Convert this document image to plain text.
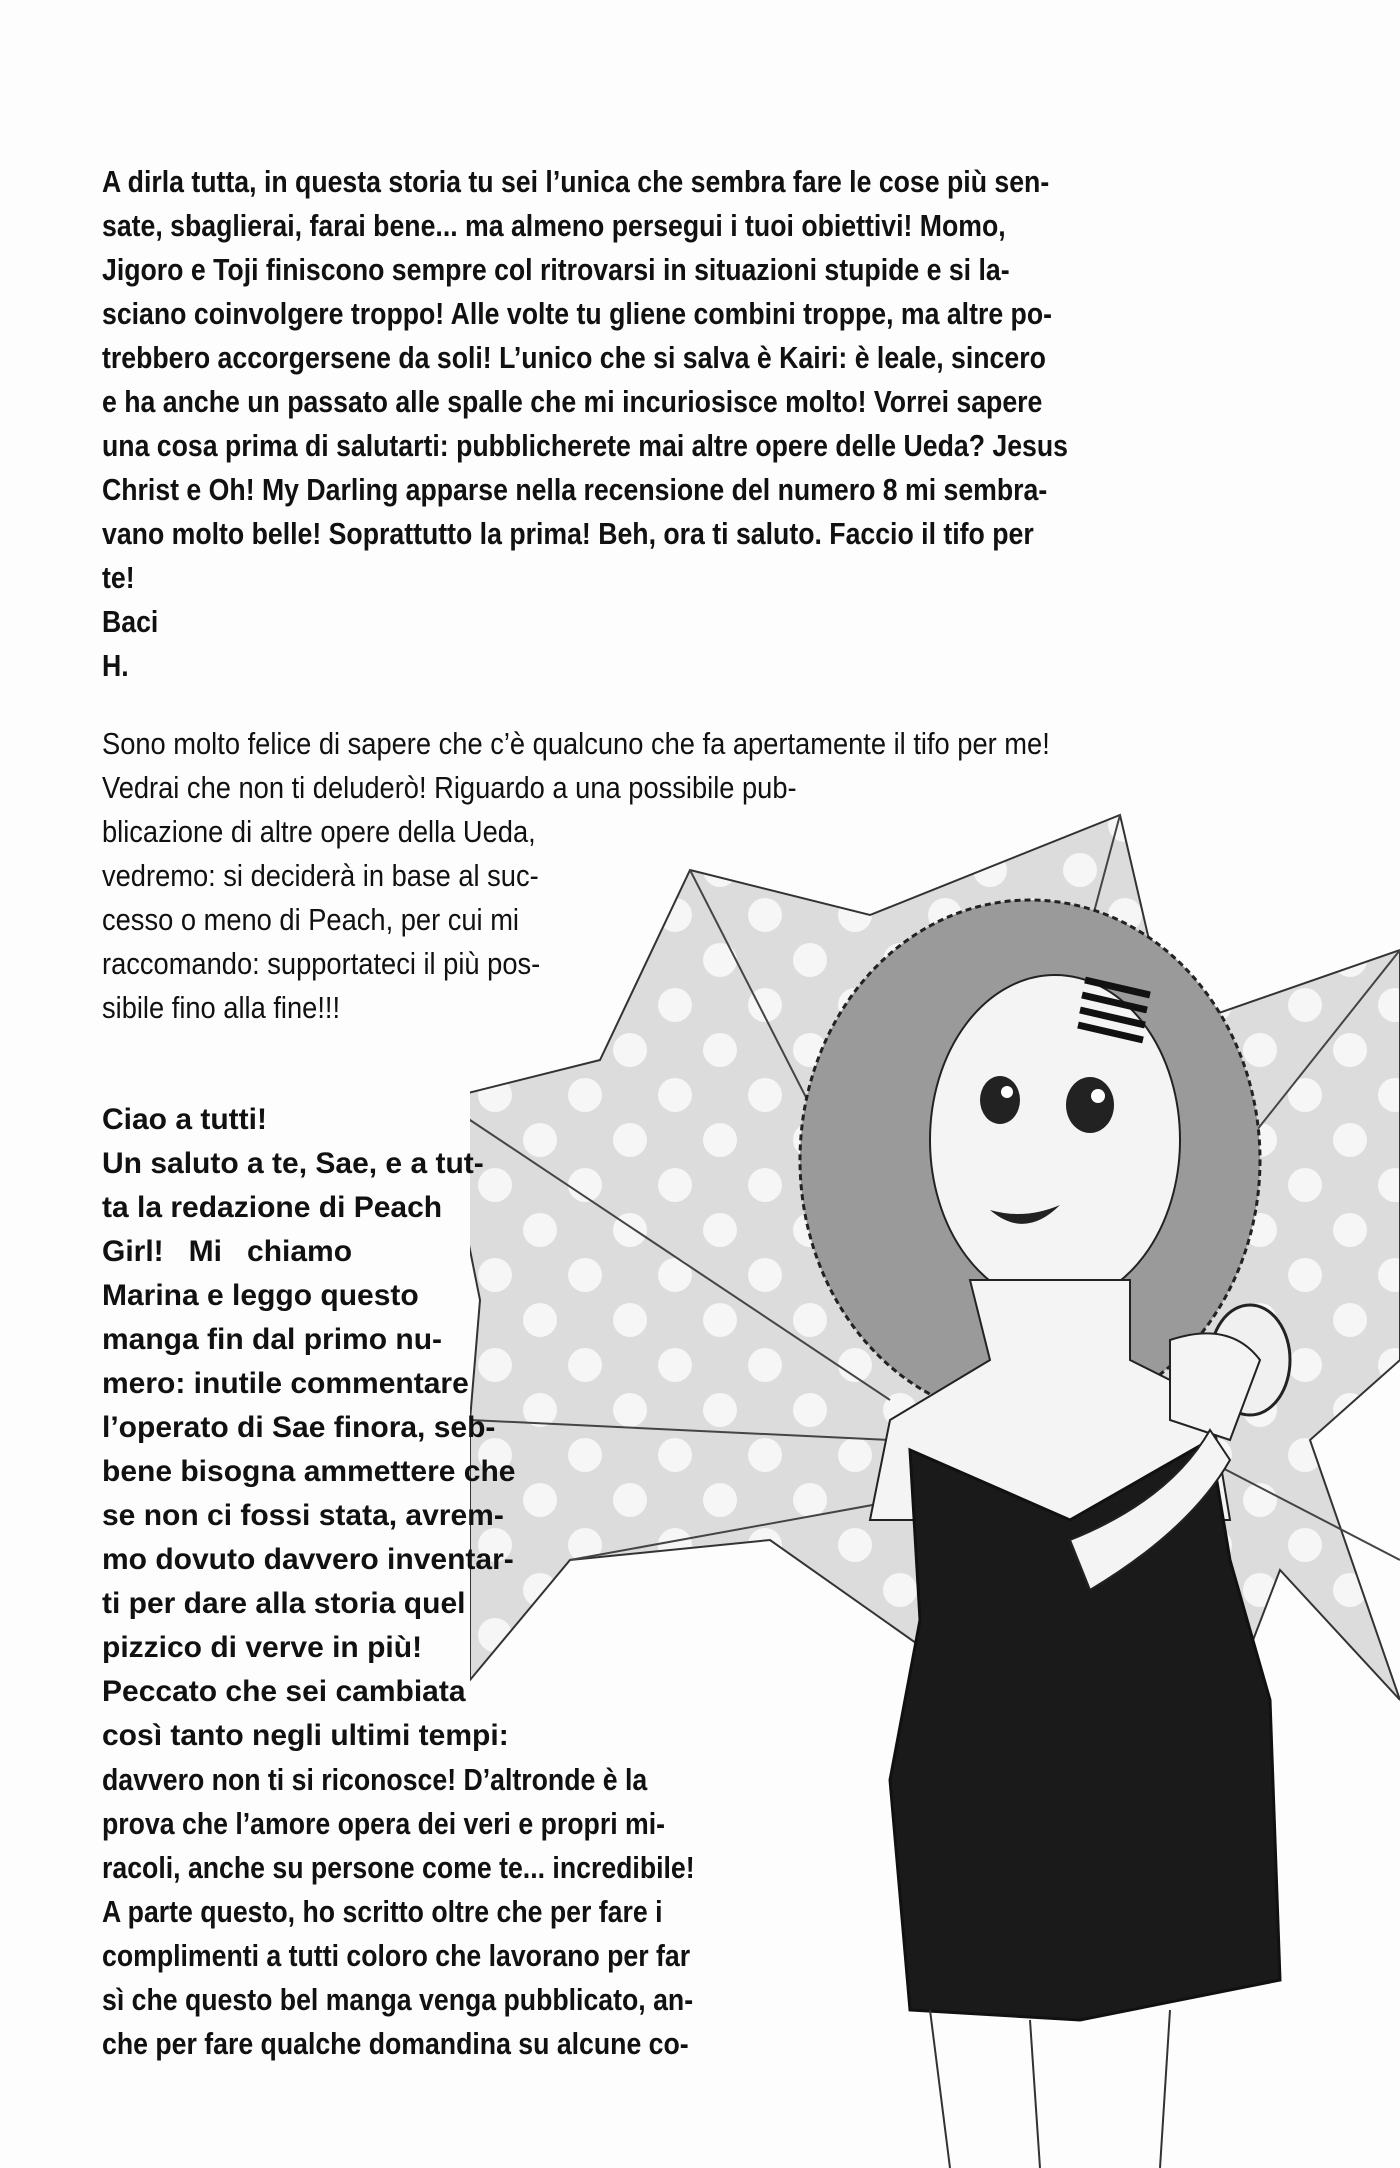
A dirla tutta, in questa storia tu sei l’unica che sembra fare le cose più sen-
sate, sbaglierai, farai bene... ma almeno persegui i tuoi obiettivi! Momo,
Jigoro e Toji finiscono sempre col ritrovarsi in situazioni stupide e si la-
sciano coinvolgere troppo! Alle volte tu gliene combini troppe, ma altre po-
trebbero accorgersene da soli! L’unico che si salva è Kairi: è leale, sincero
e ha anche un passato alle spalle che mi incuriosisce molto! Vorrei sapere
una cosa prima di salutarti: pubblicherete mai altre opere delle Ueda? Jesus
Christ e Oh! My Darling apparse nella recensione del numero 8 mi sembra-
vano molto belle! Soprattutto la prima! Beh, ora ti saluto. Faccio il tifo per
te!
Baci
H.
Sono molto felice di sapere che c’è qualcuno che fa apertamente il tifo per me!
Vedrai che non ti deluderò! Riguardo a una possibile pub-
blicazione di altre opere della Ueda,
vedremo: si deciderà in base al suc-
cesso o meno di Peach, per cui mi
raccomando: supportateci il più pos-
sibile fino alla fine!!!
Ciao a tutti!
Un saluto a te, Sae, e a tut-
ta la redazione di Peach
Girl!   Mi   chiamo
Marina e leggo questo
manga fin dal primo nu-
mero: inutile commentare
l’operato di Sae finora, seb-
bene bisogna ammettere che
se non ci fossi stata, avrem-
mo dovuto davvero inventar-
ti per dare alla storia quel
pizzico di verve in più!
Peccato che sei cambiata
così tanto negli ultimi tempi:
davvero non ti si riconosce! D’altronde è la
prova che l’amore opera dei veri e propri mi-
racoli, anche su persone come te... incredibile!
A parte questo, ho scritto oltre che per fare i
complimenti a tutti coloro che lavorano per far
sì che questo bel manga venga pubblicato, an-
che per fare qualche domandina su alcune co-
